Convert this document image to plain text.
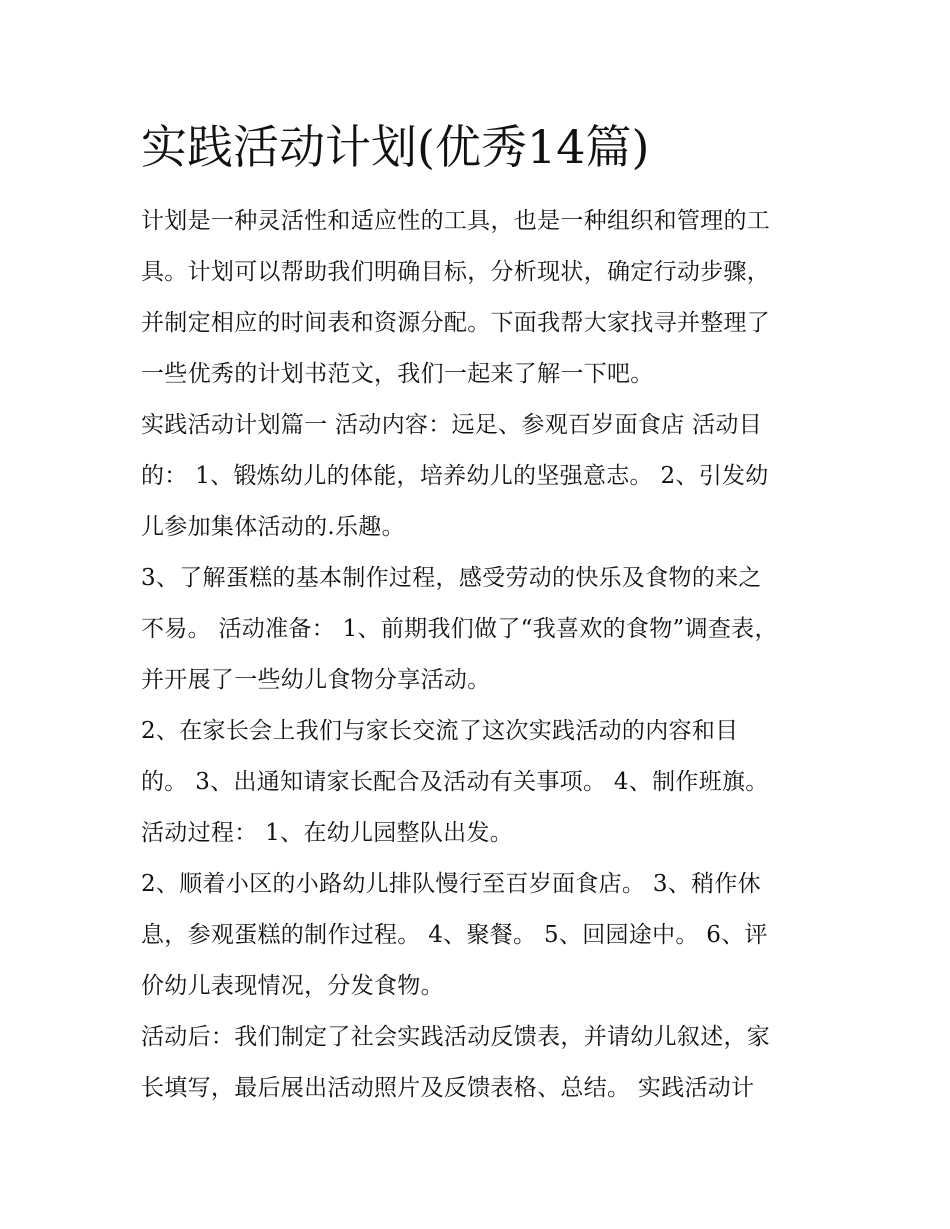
实践活动计划(优秀14篇)
计划是一种灵活性和适应性的工具，也是一种组织和管理的工
具。计划可以帮助我们明确目标，分析现状，确定行动步骤，
并制定相应的时间表和资源分配。下面我帮大家找寻并整理了
一些优秀的计划书范文，我们一起来了解一下吧。
实践活动计划篇一 活动内容：远足、参观百岁面食店 活动目
的： 1、锻炼幼儿的体能，培养幼儿的坚强意志。 2、引发幼
儿参加集体活动的.乐趣。
3、了解蛋糕的基本制作过程，感受劳动的快乐及食物的来之
不易。 活动准备： 1、前期我们做了“我喜欢的食物”调查表，
并开展了一些幼儿食物分享活动。
2、在家长会上我们与家长交流了这次实践活动的内容和目
的。 3、出通知请家长配合及活动有关事项。 4、制作班旗。
活动过程： 1、在幼儿园整队出发。
2、顺着小区的小路幼儿排队慢行至百岁面食店。 3、稍作休
息，参观蛋糕的制作过程。 4、聚餐。 5、回园途中。 6、评
价幼儿表现情况，分发食物。
活动后：我们制定了社会实践活动反馈表，并请幼儿叙述，家
长填写，最后展出活动照片及反馈表格、总结。 实践活动计
